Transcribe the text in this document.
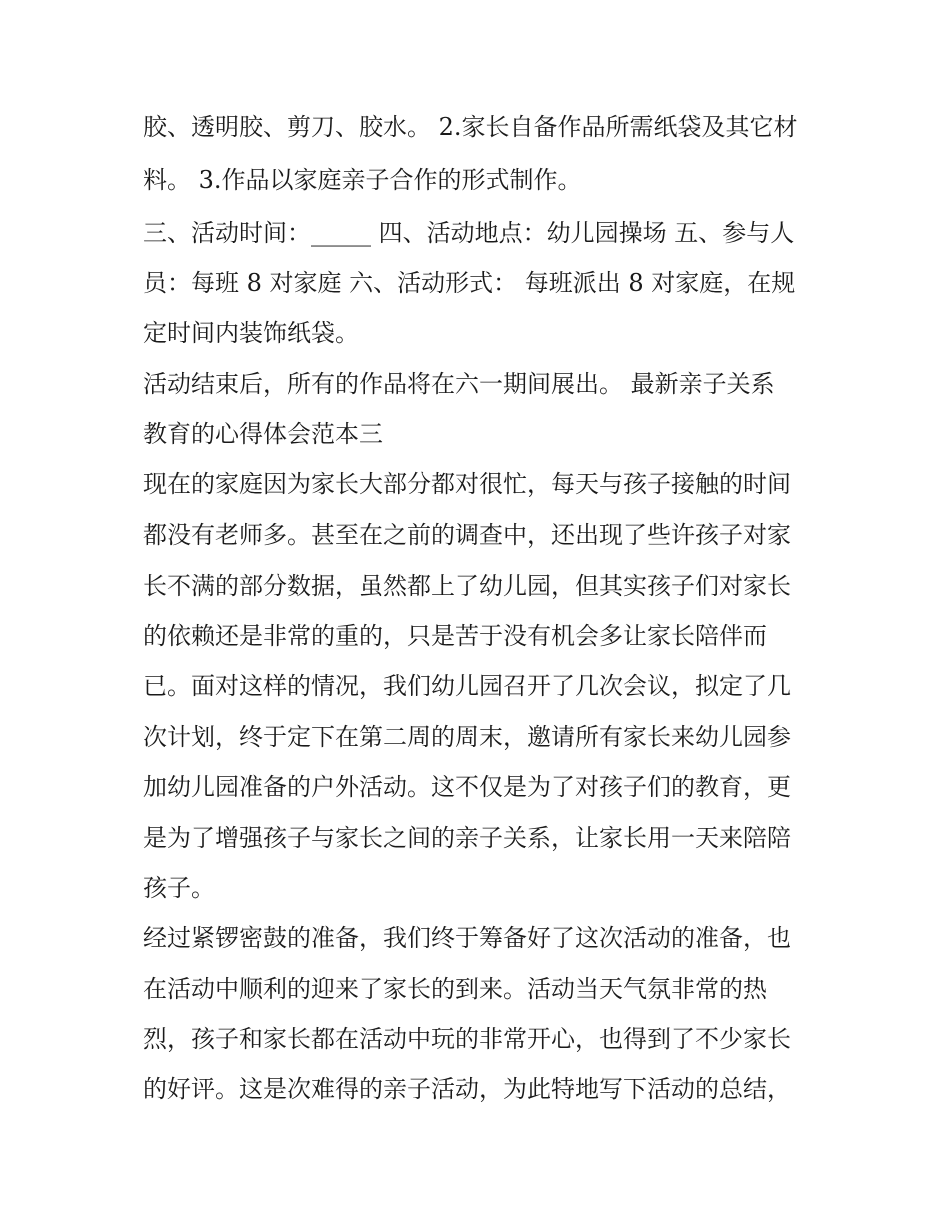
胶、透明胶、剪刀、胶水。 2.家长自备作品所需纸袋及其它材
料。 3.作品以家庭亲子合作的形式制作。
三、活动时间：_____ 四、活动地点：幼儿园操场 五、参与人
员：每班 8 对家庭 六、活动形式： 每班派出 8 对家庭，在规
定时间内装饰纸袋。
活动结束后，所有的作品将在六一期间展出。 最新亲子关系
教育的心得体会范本三
现在的家庭因为家长大部分都对很忙，每天与孩子接触的时间
都没有老师多。甚至在之前的调查中，还出现了些许孩子对家
长不满的部分数据，虽然都上了幼儿园，但其实孩子们对家长
的依赖还是非常的重的，只是苦于没有机会多让家长陪伴而
已。面对这样的情况，我们幼儿园召开了几次会议，拟定了几
次计划，终于定下在第二周的周末，邀请所有家长来幼儿园参
加幼儿园准备的户外活动。这不仅是为了对孩子们的教育，更
是为了增强孩子与家长之间的亲子关系，让家长用一天来陪陪
孩子。
经过紧锣密鼓的准备，我们终于筹备好了这次活动的准备，也
在活动中顺利的迎来了家长的到来。活动当天气氛非常的热
烈，孩子和家长都在活动中玩的非常开心，也得到了不少家长
的好评。这是次难得的亲子活动，为此特地写下活动的总结，
